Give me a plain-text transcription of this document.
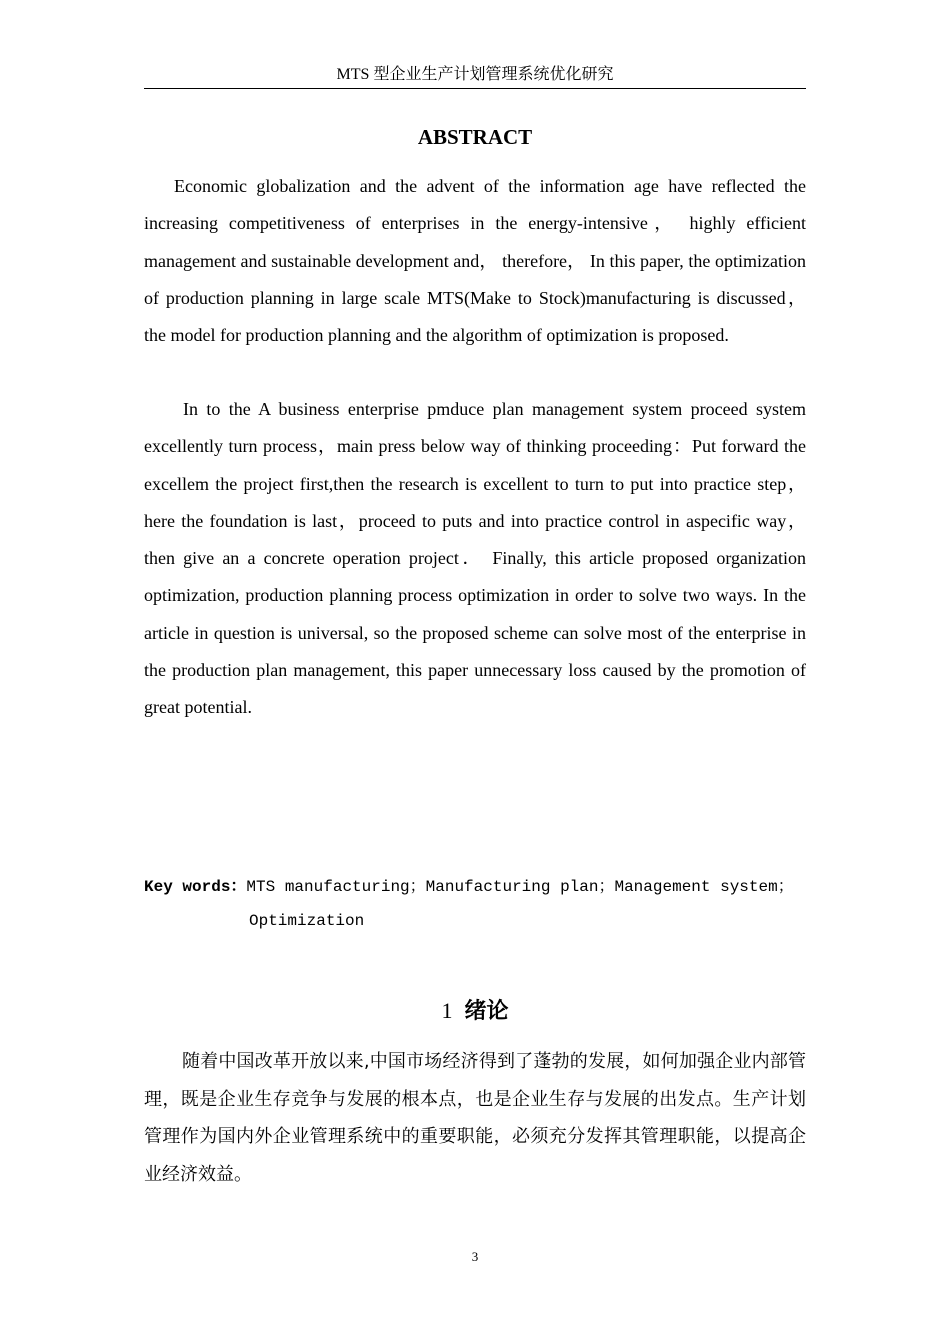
MTS 型企业生产计划管理系统优化研究
ABSTRACT

Economic globalization and the advent of the information age have reflected the increasing competitiveness of enterprises in the energy-intensive， highly efficient management and sustainable development and， therefore， In this paper, the optimization of production planning in large scale MTS(Make to Stock)manufacturing is discussed， the model for production planning and the algorithm of optimization is proposed.

In to the A business enterprise pmduce plan management system proceed system excellently turn process，main press below way of thinking proceeding：Put forward the excellem the project first,then the research is excellent to turn to put into practice step，here the foundation is last，proceed to puts and into practice control in aspecific way， then give an a concrete operation project． Finally, this article proposed organization optimization, production planning process optimization in order to solve two ways. In the article in question is universal, so the proposed scheme can solve most of the enterprise in the production plan management, this paper unnecessary loss caused by the promotion of great potential.

Key words：MTS manufacturing；Manufacturing plan；Management system；
Optimization
1 绪论

随着中国改革开放以来,中国市场经济得到了蓬勃的发展，如何加强企业内部管理，既是企业生存竞争与发展的根本点，也是企业生存与发展的出发点。生产计划管理作为国内外企业管理系统中的重要职能，必须充分发挥其管理职能，以提高企业经济效益。

3
